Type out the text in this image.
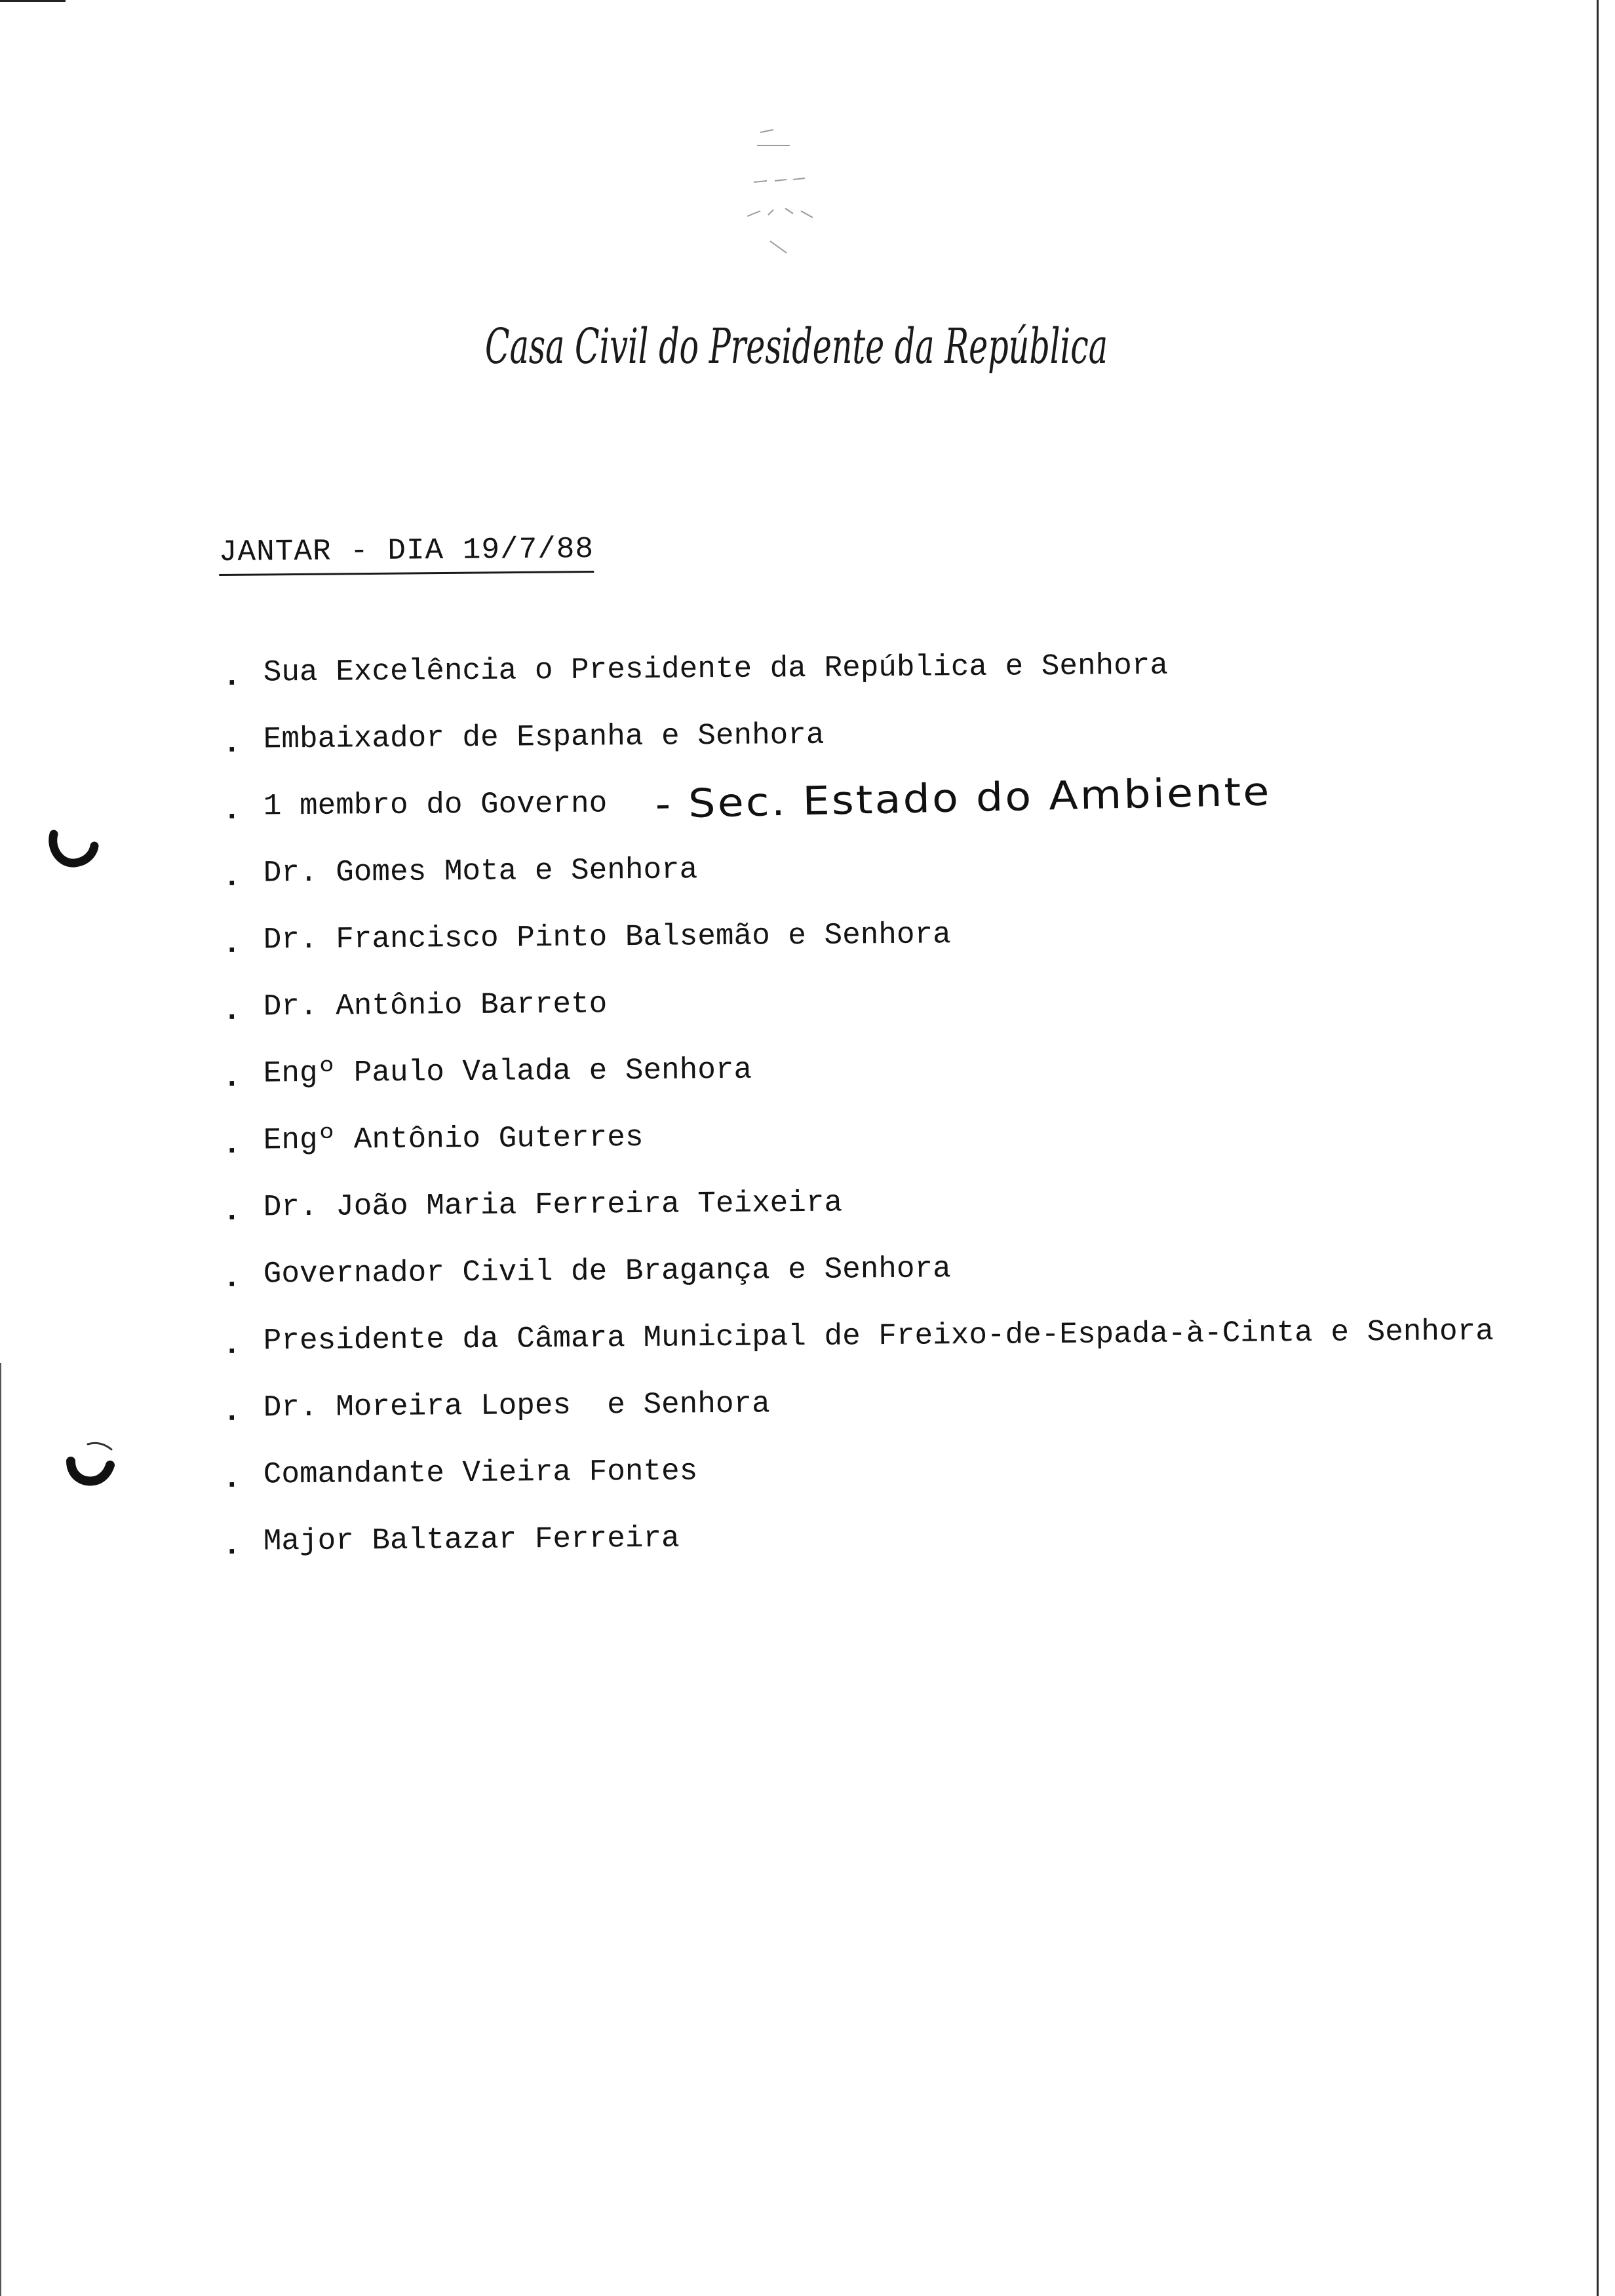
Casa Civil do Presidente da República
JANTAR - DIA 19/7/88
. Sua Excelência o Presidente da República e Senhora
. Embaixador de Espanha e Senhora
. 1 membro do Governo
. Dr. Gomes Mota e Senhora
. Dr. Francisco Pinto Balsemão e Senhora
. Dr. Antônio Barreto
. Engº Paulo Valada e Senhora
. Engº Antônio Guterres
. Dr. João Maria Ferreira Teixeira
. Governador Civil de Bragança e Senhora
. Presidente da Câmara Municipal de Freixo-de-Espada-à-Cinta e Senhora
. Dr. Moreira Lopes  e Senhora
. Comandante Vieira Fontes
. Major Baltazar Ferreira
- Sec. Estado do Ambiente
